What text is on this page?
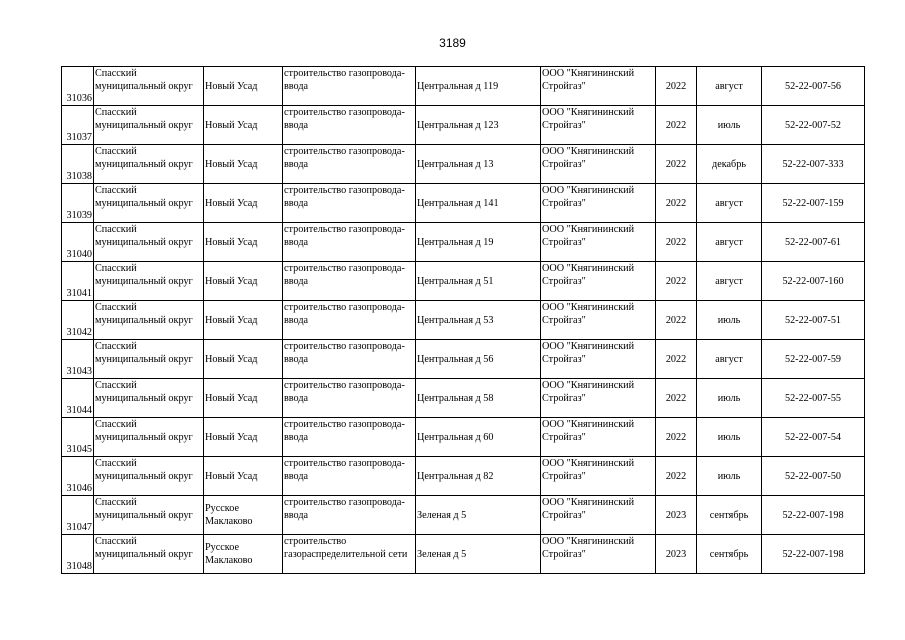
3189
31036	Спасский
муниципальный округ	Новый Усад	строительство газопровода-
ввода	Центральная д 119	ООО "Княгининский
Стройгаз"	2022	август	52-22-007-56

31037	Спасский
муниципальный округ	Новый Усад	строительство газопровода-
ввода	Центральная д 123	ООО "Княгининский
Стройгаз"	2022	июль	52-22-007-52

31038	Спасский
муниципальный округ	Новый Усад	строительство газопровода-
ввода	Центральная д 13	ООО "Княгининский
Стройгаз"	2022	декабрь	52-22-007-333

31039	Спасский
муниципальный округ	Новый Усад	строительство газопровода-
ввода	Центральная д 141	ООО "Княгининский
Стройгаз"	2022	август	52-22-007-159

31040	Спасский
муниципальный округ	Новый Усад	строительство газопровода-
ввода	Центральная д 19	ООО "Княгининский
Стройгаз"	2022	август	52-22-007-61

31041	Спасский
муниципальный округ	Новый Усад	строительство газопровода-
ввода	Центральная д 51	ООО "Княгининский
Стройгаз"	2022	август	52-22-007-160

31042	Спасский
муниципальный округ	Новый Усад	строительство газопровода-
ввода	Центральная д 53	ООО "Княгининский
Стройгаз"	2022	июль	52-22-007-51

31043	Спасский
муниципальный округ	Новый Усад	строительство газопровода-
ввода	Центральная д 56	ООО "Княгининский
Стройгаз"	2022	август	52-22-007-59

31044	Спасский
муниципальный округ	Новый Усад	строительство газопровода-
ввода	Центральная д 58	ООО "Княгининский
Стройгаз"	2022	июль	52-22-007-55

31045	Спасский
муниципальный округ	Новый Усад	строительство газопровода-
ввода	Центральная д 60	ООО "Княгининский
Стройгаз"	2022	июль	52-22-007-54

31046	Спасский
муниципальный округ	Новый Усад	строительство газопровода-
ввода	Центральная д 82	ООО "Княгининский
Стройгаз"	2022	июль	52-22-007-50

31047	Спасский
муниципальный округ	Русское
Маклаково	строительство газопровода-
ввода	Зеленая д 5	ООО "Княгининский
Стройгаз"	2023	сентябрь	52-22-007-198

31048	Спасский
муниципальный округ	Русское
Маклаково	строительство
газораспределительной сети	Зеленая д 5	ООО "Княгининский
Стройгаз"	2023	сентябрь	52-22-007-198
